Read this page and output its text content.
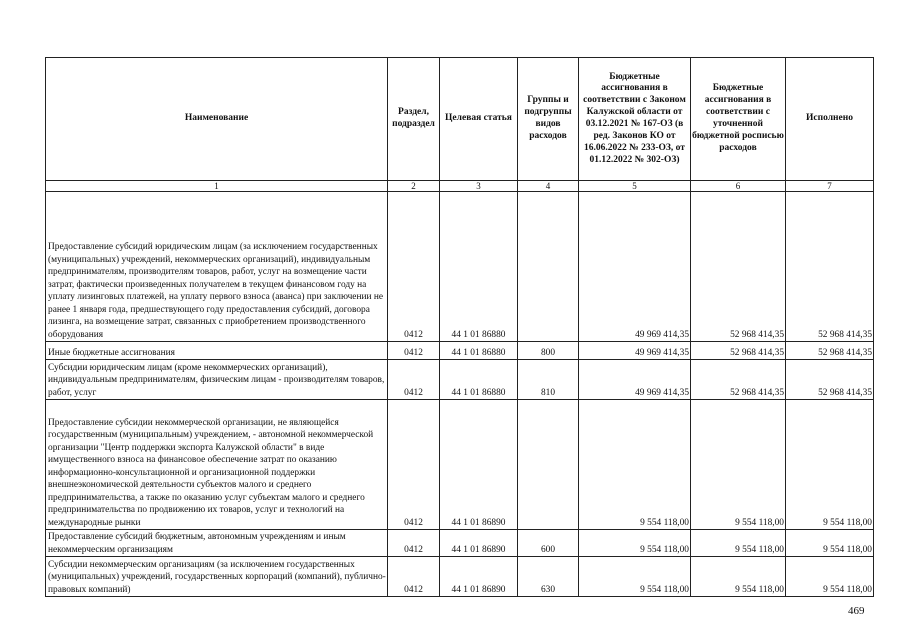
Наименование	Раздел, подраздел	Целевая статья	Группы и подгруппы видов расходов	Бюджетные ассигнования в соответствии с Законом Калужской области от 03.12.2021 № 167-ОЗ (в ред. Законов КО от 16.06.2022 № 233-ОЗ, от 01.12.2022 № 302-ОЗ)	Бюджетные ассигнования в соответствии с уточненной бюджетной росписью расходов	Исполнено
1	2	3	4	5	6	7
Предоставление субсидий юридическим лицам (за исключением государственных (муниципальных) учреждений, некоммерческих организаций), индивидуальным предпринимателям, производителям товаров, работ, услуг на возмещение части затрат, фактически произведенных получателем в текущем финансовом году на уплату лизинговых платежей, на уплату первого взноса (аванса) при заключении не ранее 1 января года, предшествующего году предоставления субсидий, договора лизинга, на возмещение затрат, связанных с приобретением производственного оборудования	0412	44 1 01 86880		49 969 414,35	52 968 414,35	52 968 414,35
Иные бюджетные ассигнования	0412	44 1 01 86880	800	49 969 414,35	52 968 414,35	52 968 414,35
Субсидии юридическим лицам (кроме некоммерческих организаций), индивидуальным предпринимателям, физическим лицам - производителям товаров, работ, услуг	0412	44 1 01 86880	810	49 969 414,35	52 968 414,35	52 968 414,35
Предоставление субсидии некоммерческой организации, не являющейся государственным (муниципальным) учреждением, - автономной некоммерческой организации "Центр поддержки экспорта Калужской области" в виде имущественного взноса на финансовое обеспечение затрат по оказанию информационно-консультационной и организационной поддержки внешнеэкономической деятельности субъектов малого и среднего предпринимательства, а также по оказанию услуг субъектам малого и среднего предпринимательства по продвижению их товаров, услуг и технологий на международные рынки	0412	44 1 01 86890		9 554 118,00	9 554 118,00	9 554 118,00
Предоставление субсидий бюджетным, автономным учреждениям и иным некоммерческим организациям	0412	44 1 01 86890	600	9 554 118,00	9 554 118,00	9 554 118,00
Субсидии некоммерческим организациям (за исключением государственных (муниципальных) учреждений, государственных корпораций (компаний), публично-правовых компаний)	0412	44 1 01 86890	630	9 554 118,00	9 554 118,00	9 554 118,00
469
